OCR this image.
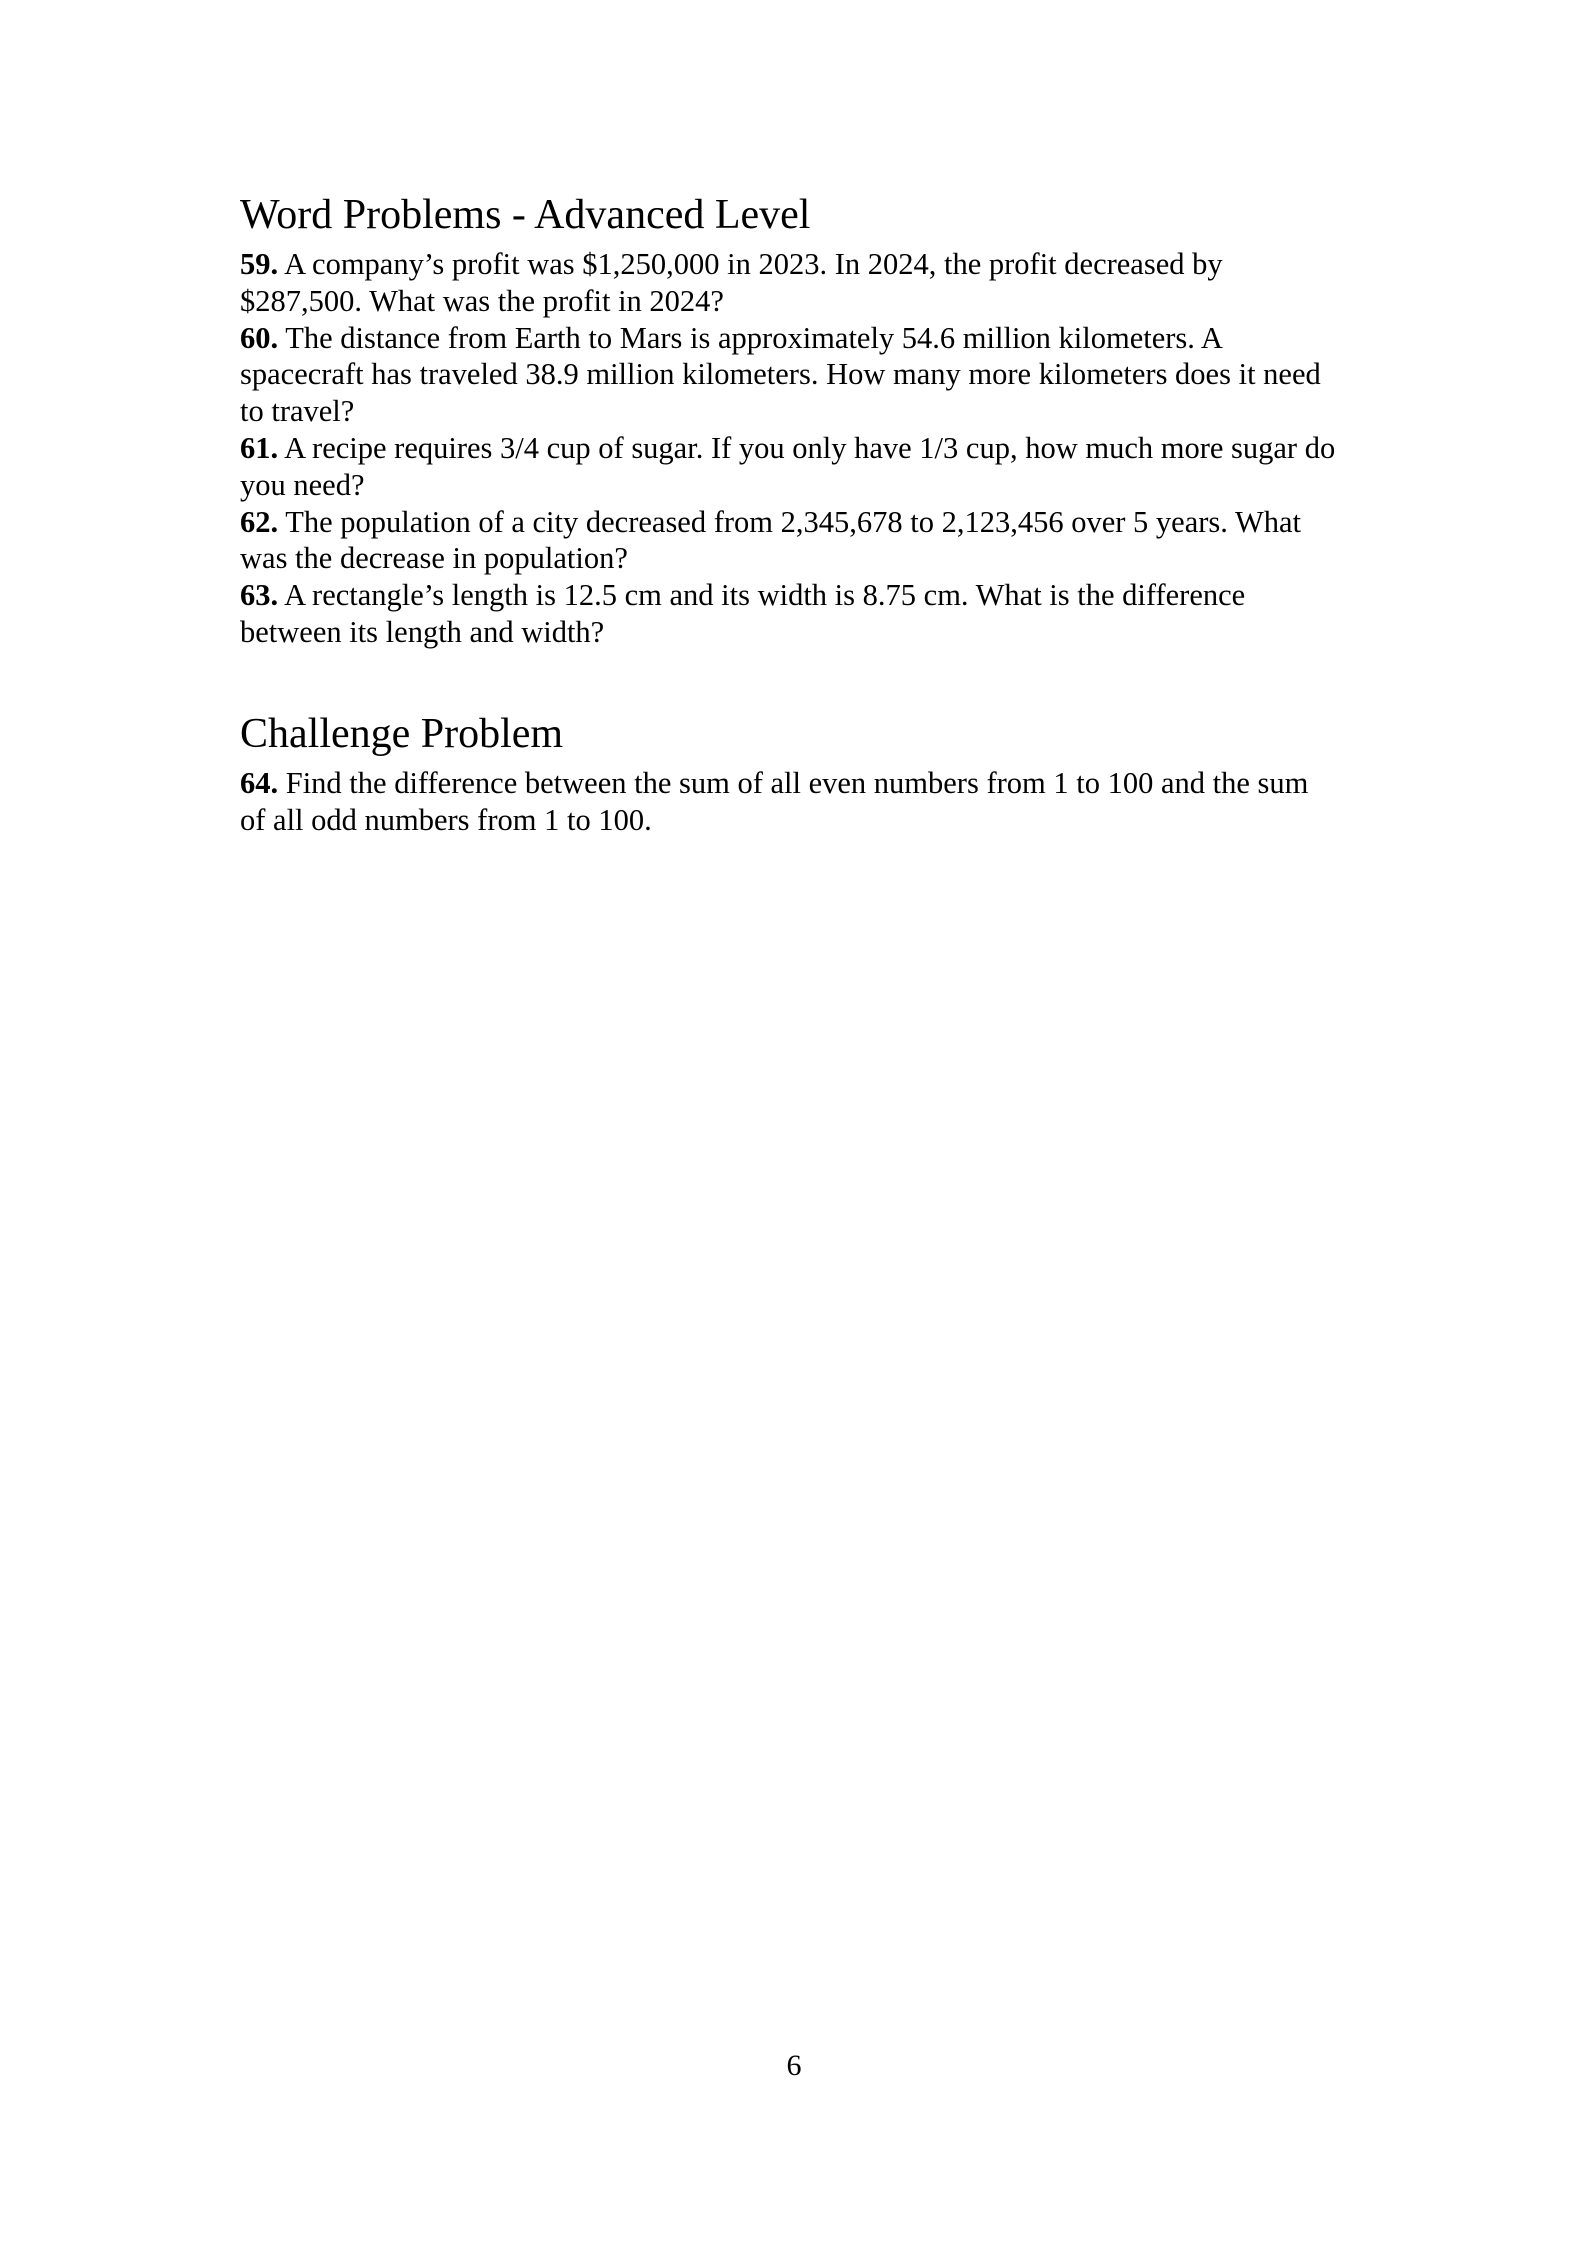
Word Problems - Advanced Level

59. A company’s profit was $1,250,000 in 2023. In 2024, the profit decreased by $287,500. What was the profit in 2024?

60. The distance from Earth to Mars is approximately 54.6 million kilometers. A spacecraft has traveled 38.9 million kilometers. How many more kilometers does it need to travel?

61. A recipe requires 3/4 cup of sugar. If you only have 1/3 cup, how much more sugar do you need?

62. The population of a city decreased from 2,345,678 to 2,123,456 over 5 years. What was the decrease in population?

63. A rectangle’s length is 12.5 cm and its width is 8.75 cm. What is the difference between its length and width?

Challenge Problem

64. Find the difference between the sum of all even numbers from 1 to 100 and the sum of all odd numbers from 1 to 100.

6
